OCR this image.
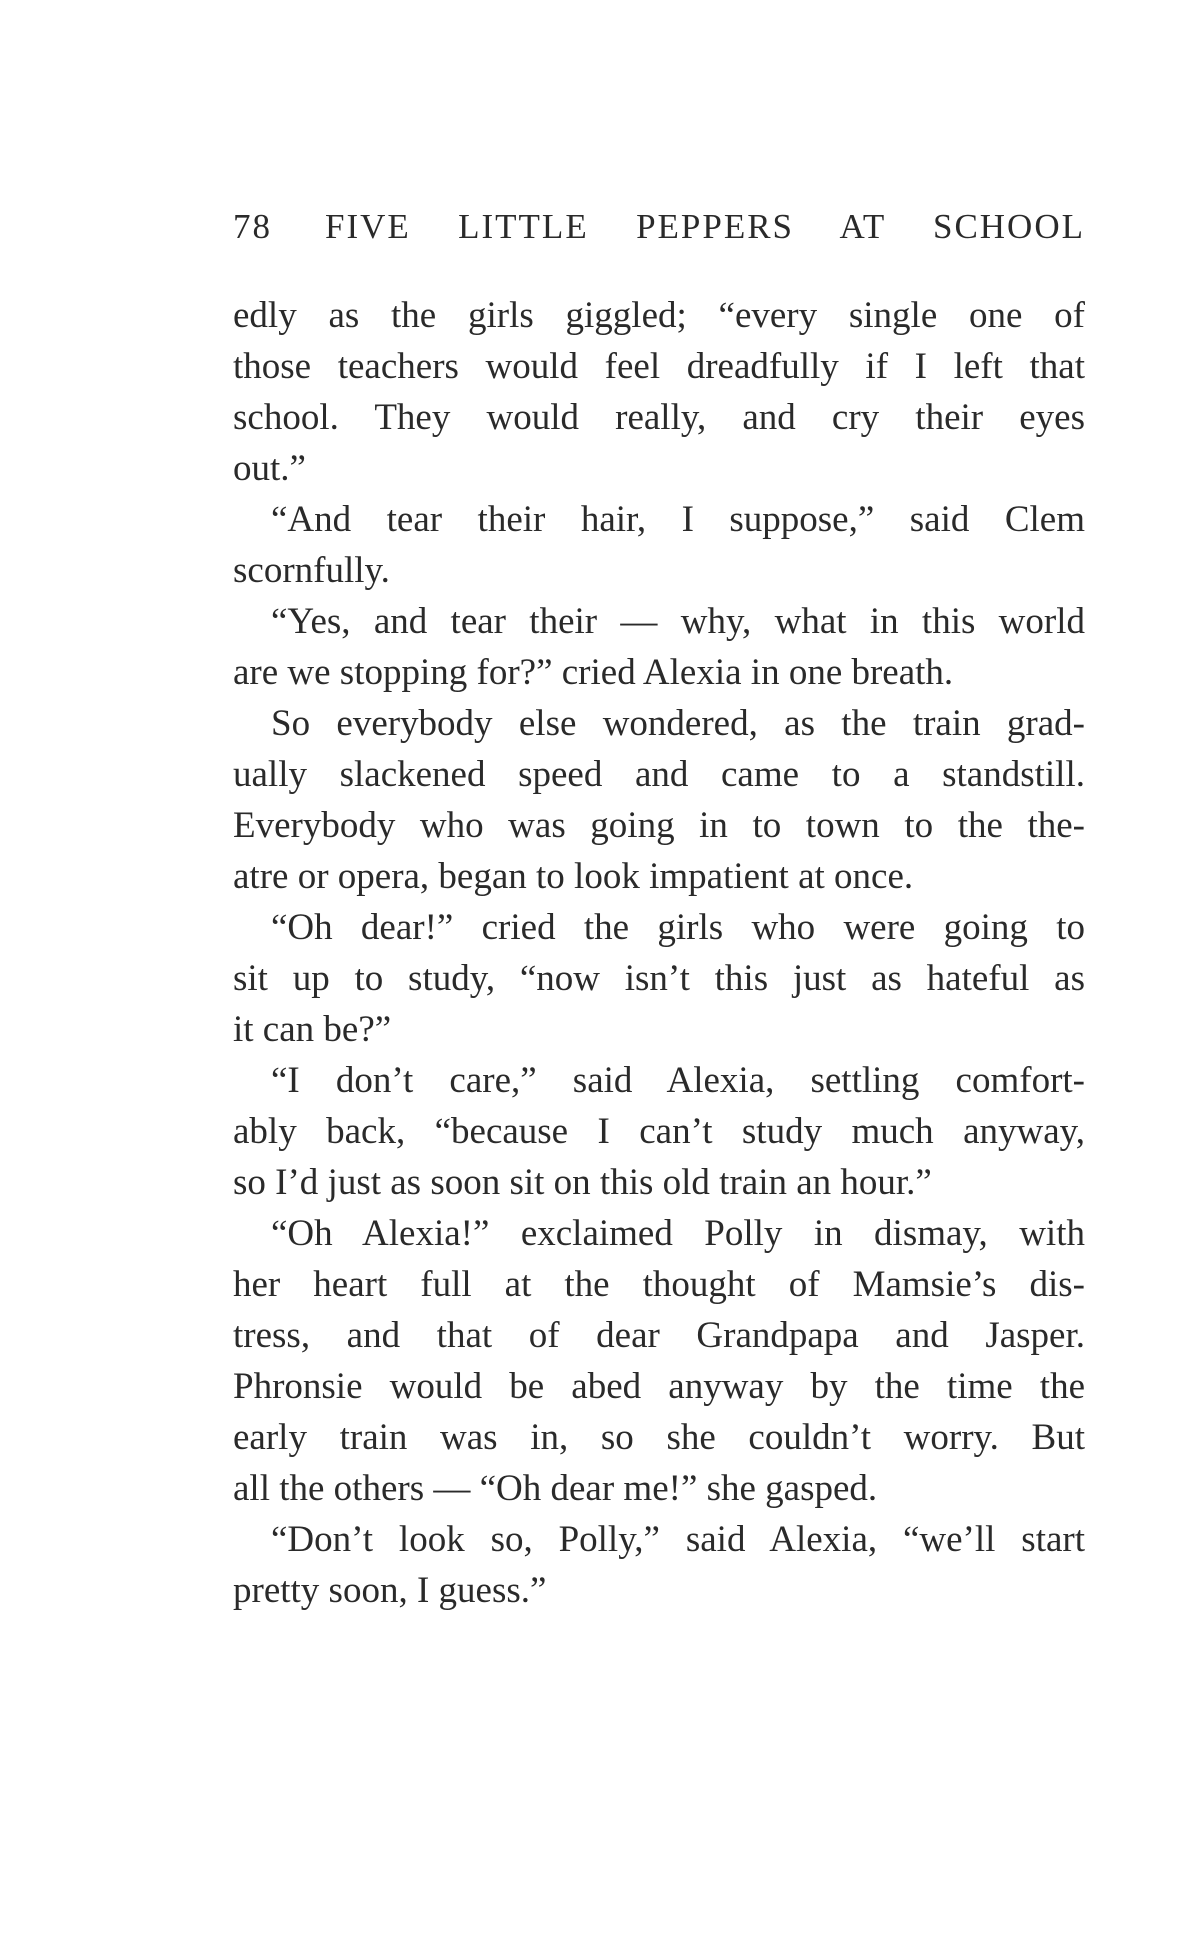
78	FIVE LITTLE PEPPERS AT SCHOOL
edly as the girls giggled; “every single one of
those teachers would feel dreadfully if I left that
school. They would really, and cry their eyes
out.”
“And tear their hair, I suppose,” said Clem
scornfully.
“Yes, and tear their — why, what in this world
are we stopping for?” cried Alexia in one breath.
So everybody else wondered, as the train grad-
ually slackened speed and came to a standstill.
Everybody who was going in to town to the the-
atre or opera, began to look impatient at once.
“Oh dear!” cried the girls who were going to
sit up to study, “now isn’t this just as hateful as
it can be?”
“I don’t care,” said Alexia, settling comfort-
ably back, “because I can’t study much anyway,
so I’d just as soon sit on this old train an hour.”
“Oh Alexia!” exclaimed Polly in dismay, with
her heart full at the thought of Mamsie’s dis-
tress, and that of dear Grandpapa and Jasper.
Phronsie would be abed anyway by the time the
early train was in, so she couldn’t worry. But
all the others — “Oh dear me!” she gasped.
“Don’t look so, Polly,” said Alexia, “we’ll start
pretty soon, I guess.”
